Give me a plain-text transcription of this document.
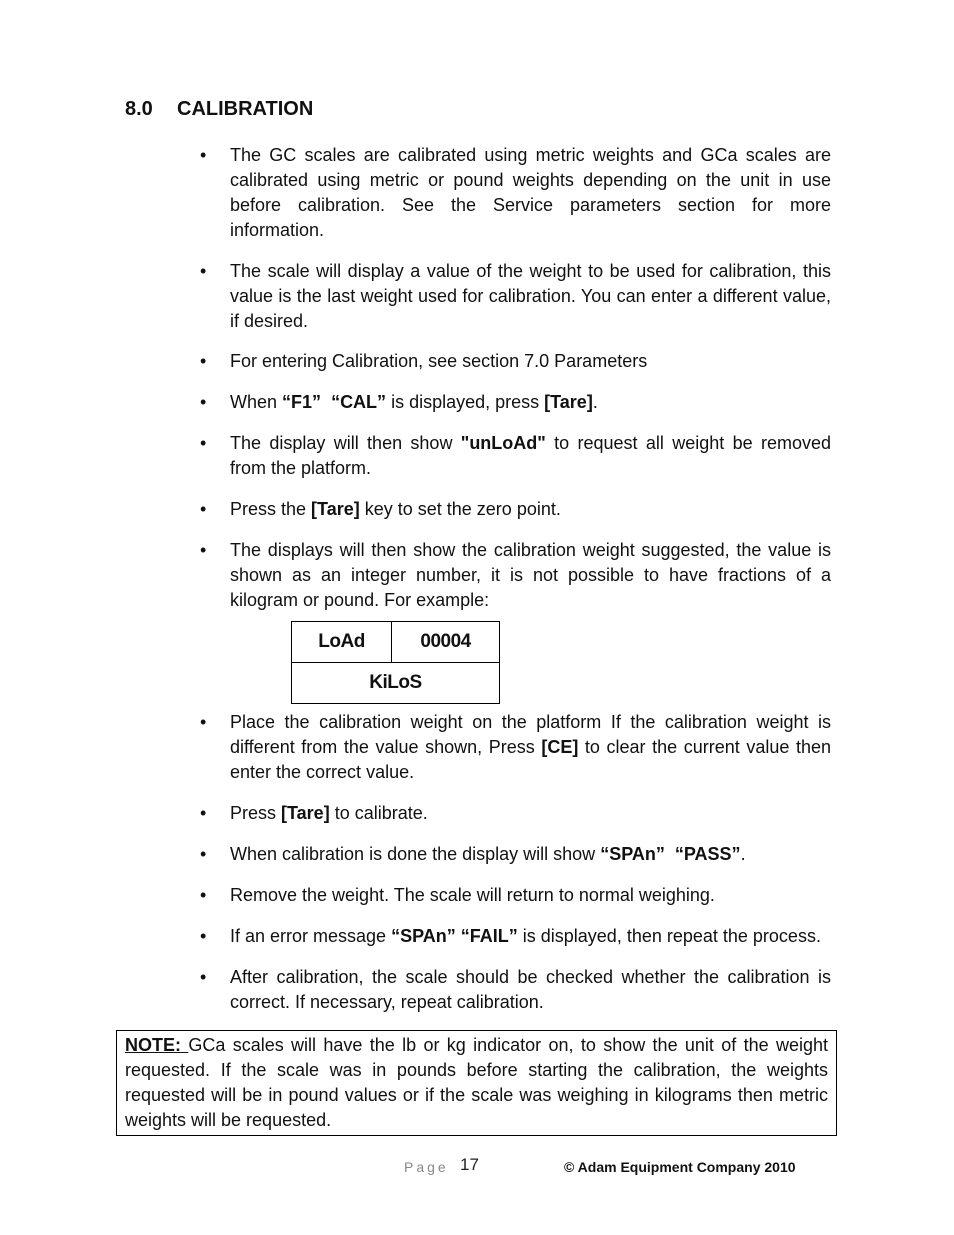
8.0 CALIBRATION
• The GC scales are calibrated using metric weights and GCa scales are calibrated using metric or pound weights depending on the unit in use before calibration. See the Service parameters section for more information.
• The scale will display a value of the weight to be used for calibration, this value is the last weight used for calibration. You can enter a different value, if desired.
• For entering Calibration, see section 7.0 Parameters
• When “F1” “CAL” is displayed, press [Tare].
• The display will then show "unLoAd" to request all weight be removed from the platform.
• Press the [Tare] key to set the zero point.
• The displays will then show the calibration weight suggested, the value is shown as an integer number, it is not possible to have fractions of a kilogram or pound. For example:
LoAd	00004
KiLoS
• Place the calibration weight on the platform If the calibration weight is different from the value shown, Press [CE] to clear the current value then enter the correct value.
• Press [Tare] to calibrate.
• When calibration is done the display will show “SPAn” “PASS”.
• Remove the weight. The scale will return to normal weighing.
• If an error message “SPAn” “FAIL” is displayed, then repeat the process.
• After calibration, the scale should be checked whether the calibration is correct. If necessary, repeat calibration.
NOTE: GCa scales will have the lb or kg indicator on, to show the unit of the weight requested. If the scale was in pounds before starting the calibration, the weights requested will be in pound values or if the scale was weighing in kilograms then metric weights will be requested.
Page 17	© Adam Equipment Company 2010
